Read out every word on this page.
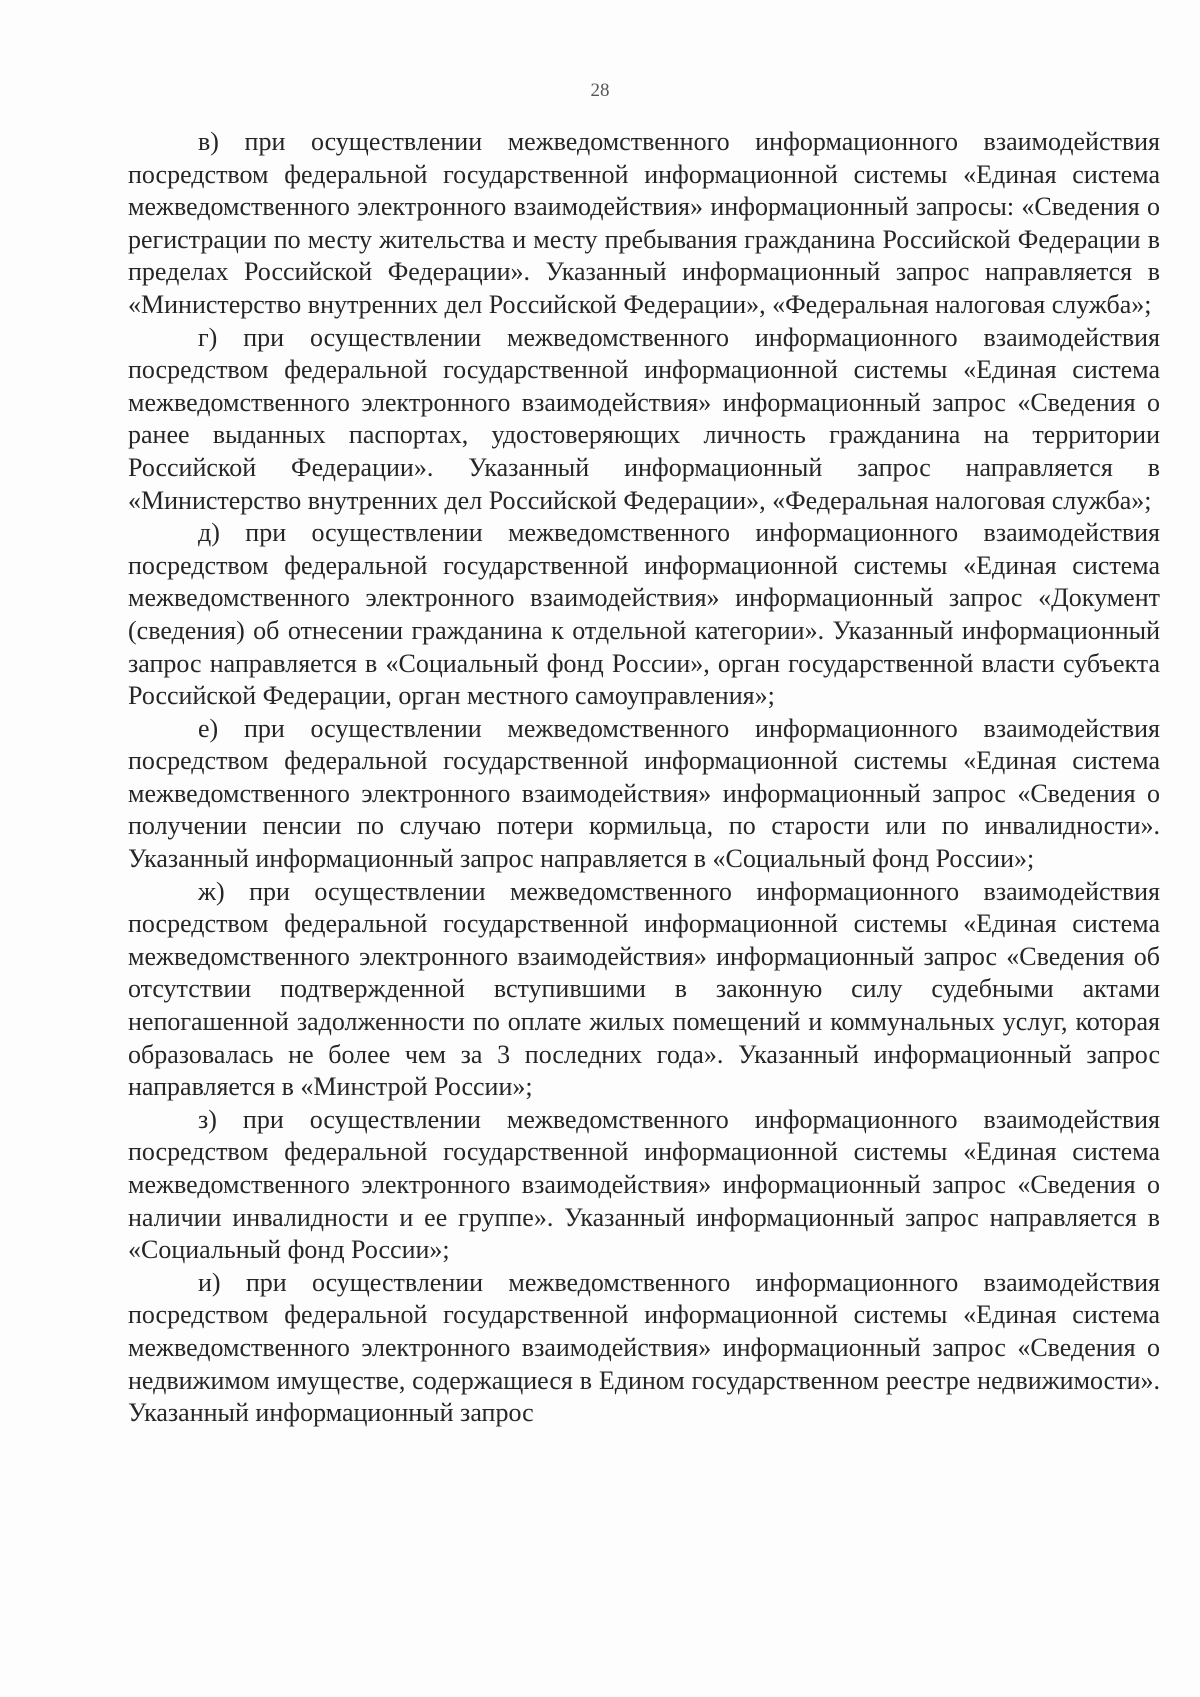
28

в) при осуществлении межведомственного информационного взаимодействия посредством федеральной государственной информационной системы «Единая система межведомственного электронного взаимодействия» информационный запросы: «Сведения о регистрации по месту жительства и месту пребывания гражданина Российской Федерации в пределах Российской Федерации». Указанный информационный запрос направляется в «Министерство внутренних дел Российской Федерации», «Федеральная налоговая служба»;

г) при осуществлении межведомственного информационного взаимодействия посредством федеральной государственной информационной системы «Единая система межведомственного электронного взаимодействия» информационный запрос «Сведения о ранее выданных паспортах, удостоверяющих личность гражданина на территории Российской Федерации». Указанный информационный запрос направляется в «Министерство внутренних дел Российской Федерации», «Федеральная налоговая служба»;

д) при осуществлении межведомственного информационного взаимодействия посредством федеральной государственной информационной системы «Единая система межведомственного электронного взаимодействия» информационный запрос «Документ (сведения) об отнесении гражданина к отдельной категории». Указанный информационный запрос направляется в «Социальный фонд России», орган государственной власти субъекта Российской Федерации, орган местного самоуправления»;

е) при осуществлении межведомственного информационного взаимодействия посредством федеральной государственной информационной системы «Единая система межведомственного электронного взаимодействия» информационный запрос «Сведения о получении пенсии по случаю потери кормильца, по старости или по инвалидности». Указанный информационный запрос направляется в «Социальный фонд России»;

ж) при осуществлении межведомственного информационного взаимодействия посредством федеральной государственной информационной системы «Единая система межведомственного электронного взаимодействия» информационный запрос «Сведения об отсутствии подтвержденной вступившими в законную силу судебными актами непогашенной задолженности по оплате жилых помещений и коммунальных услуг, которая образовалась не более чем за 3 последних года». Указанный информационный запрос направляется в «Минстрой России»;

з) при осуществлении межведомственного информационного взаимодействия посредством федеральной государственной информационной системы «Единая система межведомственного электронного взаимодействия» информационный запрос «Сведения о наличии инвалидности и ее группе». Указанный информационный запрос направляется в «Социальный фонд России»;

и) при осуществлении межведомственного информационного взаимодействия посредством федеральной государственной информационной системы «Единая система межведомственного электронного взаимодействия» информационный запрос «Сведения о недвижимом имуществе, содержащиеся в Едином государственном реестре недвижимости». Указанный информационный запрос
